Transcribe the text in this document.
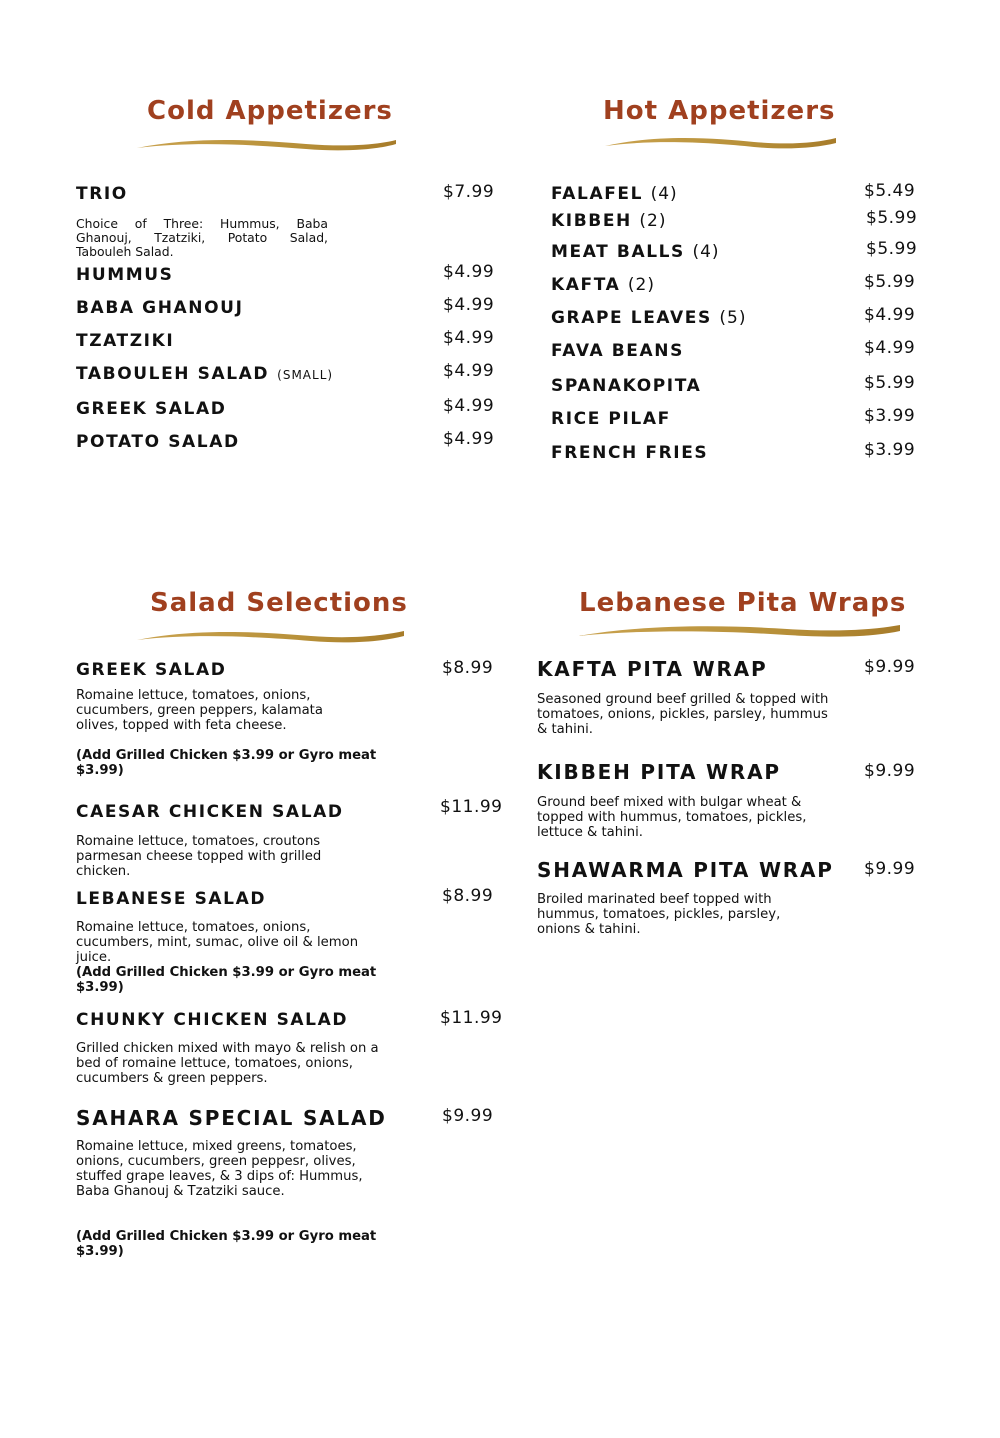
Cold Appetizers
TRIO	$7.99
Choice of Three: Hummus, Baba Ghanouj, Tzatziki, Potato Salad, Tabouleh Salad.
HUMMUS	$4.99
BABA GHANOUJ	$4.99
TZATZIKI	$4.99
TABOULEH SALAD (SMALL)	$4.99
GREEK SALAD	$4.99
POTATO SALAD	$4.99
Hot Appetizers
FALAFEL (4)	$5.49
KIBBEH (2)	$5.99
MEAT BALLS (4)	$5.99
KAFTA (2)	$5.99
GRAPE LEAVES (5)	$4.99
FAVA BEANS	$4.99
SPANAKOPITA	$5.99
RICE PILAF	$3.99
FRENCH FRIES	$3.99
Salad Selections
GREEK SALAD	$8.99
Romaine lettuce, tomatoes, onions, cucumbers, green peppers, kalamata olives, topped with feta cheese.
(Add Grilled Chicken $3.99 or Gyro meat $3.99)
CAESAR CHICKEN SALAD	$11.99
Romaine lettuce, tomatoes, croutons parmesan cheese topped with grilled chicken.
LEBANESE SALAD	$8.99
Romaine lettuce, tomatoes, onions, cucumbers, mint, sumac, olive oil & lemon juice.
(Add Grilled Chicken $3.99 or Gyro meat $3.99)
CHUNKY CHICKEN SALAD	$11.99
Grilled chicken mixed with mayo & relish on a bed of romaine lettuce, tomatoes, onions, cucumbers & green peppers.
SAHARA SPECIAL SALAD	$9.99
Romaine lettuce, mixed greens, tomatoes, onions, cucumbers, green peppesr, olives, stuffed grape leaves, & 3 dips of: Hummus, Baba Ghanouj & Tzatziki sauce.
(Add Grilled Chicken $3.99 or Gyro meat $3.99)
Lebanese Pita Wraps
KAFTA PITA WRAP	$9.99
Seasoned ground beef grilled & topped with tomatoes, onions, pickles, parsley, hummus & tahini.
KIBBEH PITA WRAP	$9.99
Ground beef mixed with bulgar wheat & topped with hummus, tomatoes, pickles, lettuce & tahini.
SHAWARMA PITA WRAP $9.99
Broiled marinated beef topped with hummus, tomatoes, pickles, parsley, onions & tahini.
